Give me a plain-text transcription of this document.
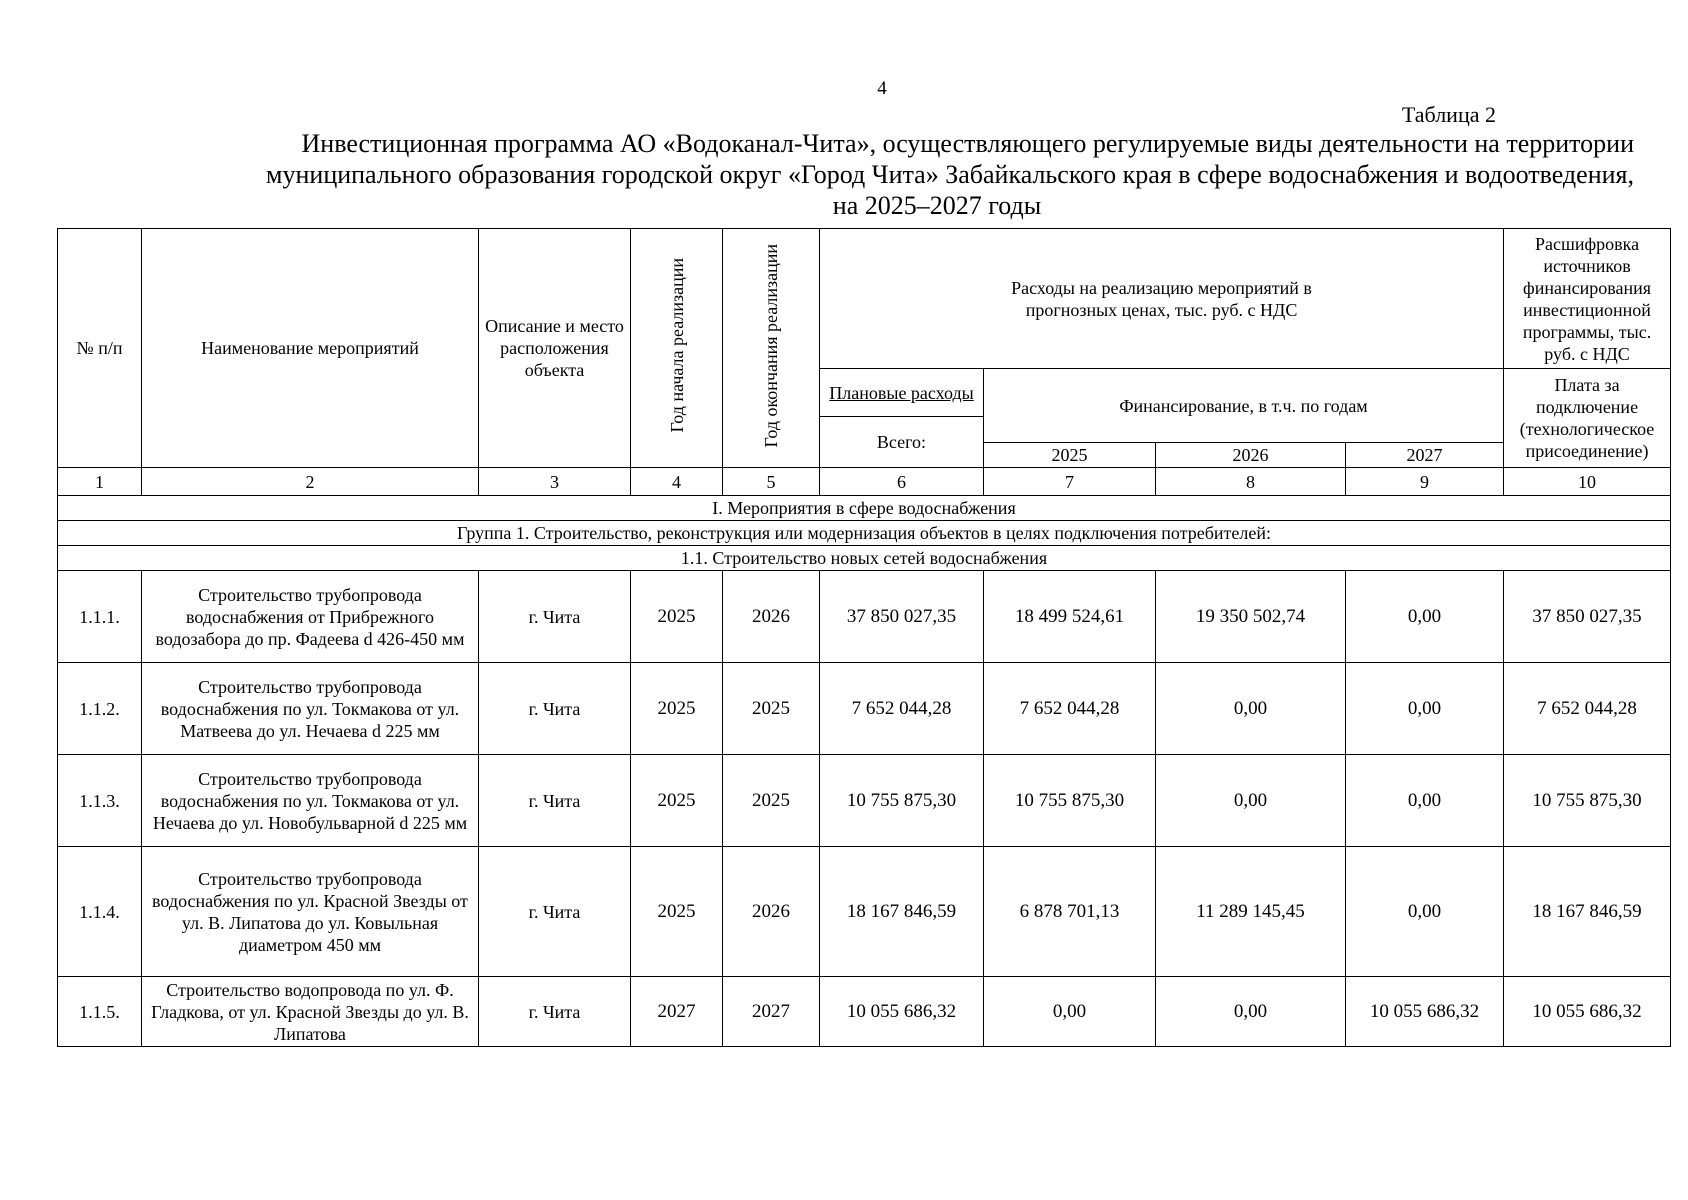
4
Таблица 2
Инвестиционная программа АО «Водоканал-Чита», осуществляющего регулируемые виды деятельности на территории
муниципального образования городской округ «Город Чита» Забайкальского края в сфере водоснабжения и водоотведения,
на 2025–2027 годы
№ п/п	Наименование мероприятий	Описание и место расположения объекта	Год начала реализации	Год окончания реализации	Расходы на реализацию мероприятий в прогнозных ценах, тыс. руб. с НДС				Расшифровка источников финансирования инвестиционной программы, тыс. руб. с НДС
					Плановые расходы	Финансирование, в т.ч. по годам			Плата за подключение (технологическое присоединение)
					Всего:				
						2025	2026	2027	
1	2	3	4	5	6	7	8	9	10
I. Мероприятия в сфере водоснабжения									
Группа 1. Строительство, реконструкция или модернизация объектов в целях подключения потребителей:									
1.1. Строительство новых сетей водоснабжения									
1.1.1.	Строительство трубопровода водоснабжения от Прибрежного водозабора до пр. Фадеева d 426-450 мм	г. Чита	2025	2026	37 850 027,35	18 499 524,61	19 350 502,74	0,00	37 850 027,35
1.1.2.	Строительство трубопровода водоснабжения по ул. Токмакова от ул. Матвеева до ул. Нечаева d 225 мм	г. Чита	2025	2025	7 652 044,28	7 652 044,28	0,00	0,00	7 652 044,28
1.1.3.	Строительство трубопровода водоснабжения по ул. Токмакова от ул. Нечаева до ул. Новобульварной d 225 мм	г. Чита	2025	2025	10 755 875,30	10 755 875,30	0,00	0,00	10 755 875,30
1.1.4.	Строительство трубопровода водоснабжения по ул. Красной Звезды от ул. В. Липатова до ул. Ковыльная диаметром 450 мм	г. Чита	2025	2026	18 167 846,59	6 878 701,13	11 289 145,45	0,00	18 167 846,59
1.1.5.	Строительство водопровода по ул. Ф. Гладкова, от ул. Красной Звезды до ул. В. Липатова	г. Чита	2027	2027	10 055 686,32	0,00	0,00	10 055 686,32	10 055 686,32
